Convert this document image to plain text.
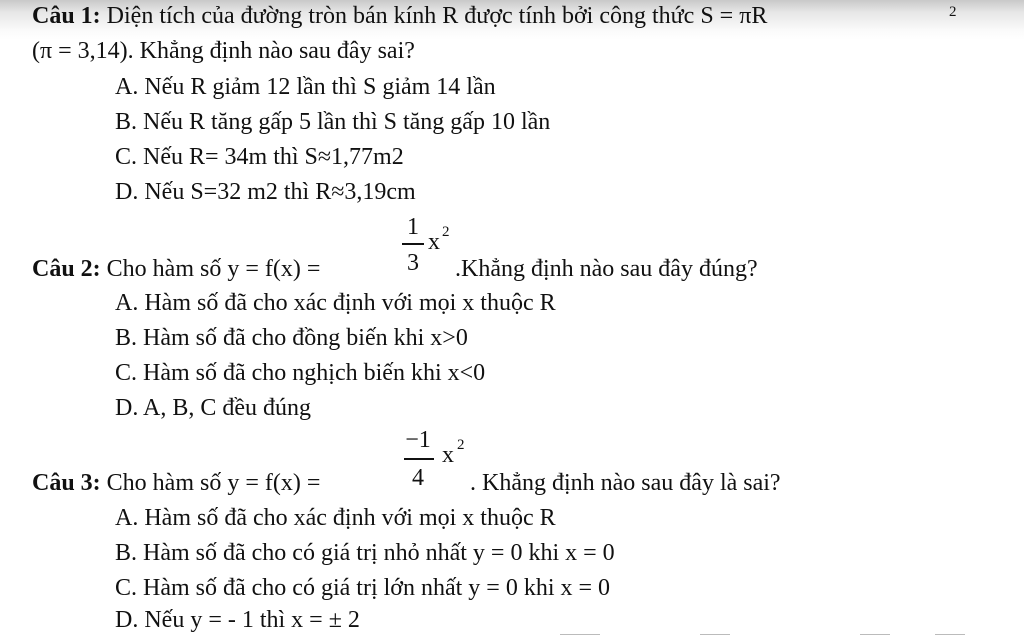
Câu 1: Diện tích của đường tròn bán kính R được tính bởi công thức S = πR	2
(π = 3,14). Khẳng định nào sau đây sai?
A. Nếu R giảm 12 lần thì S giảm 14 lần
B. Nếu R tăng gấp 5 lần thì S tăng gấp 10 lần
C. Nếu R= 34m thì S≈1,77m2
D. Nếu S=32 m2 thì R≈3,19cm
Câu 2: Cho hàm số y = f(x) =
1
3
x 2
.Khẳng định nào sau đây đúng?
A. Hàm số đã cho xác định với mọi x thuộc R
B. Hàm số đã cho đồng biến khi x>0
C. Hàm số đã cho nghịch biến khi x<0
D. A, B, C đều đúng
Câu 3: Cho hàm số y = f(x) =
−1
4
x 2
. Khẳng định nào sau đây là sai?
A. Hàm số đã cho xác định với mọi x thuộc R
B. Hàm số đã cho có giá trị nhỏ nhất y = 0 khi x = 0
C. Hàm số đã cho có giá trị lớn nhất y = 0 khi x = 0
D. Nếu y = - 1 thì x = ± 2
